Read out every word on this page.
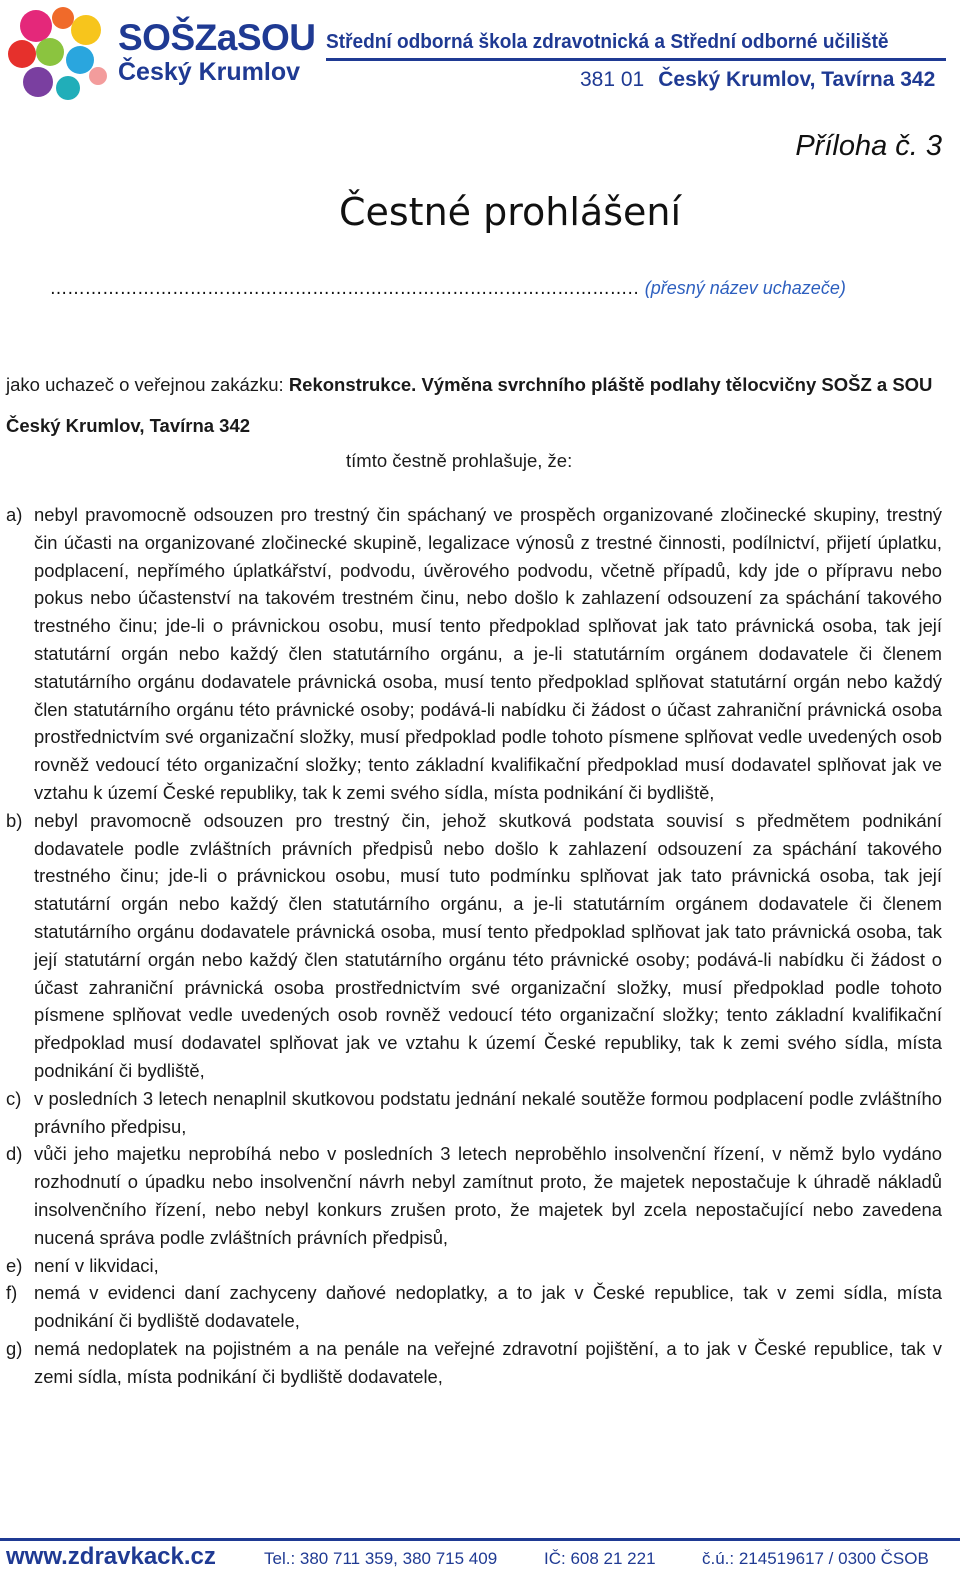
SOŠZaSOU
Český Krumlov
Střední odborná škola zdravotnická a Střední odborné učiliště
381 01 Český Krumlov, Tavírna 342
Příloha č. 3
Čestné prohlášení
……………………………………………………………………………………….. (přesný název uchazeče)
jako uchazeč o veřejnou zakázku: Rekonstrukce. Výměna svrchního pláště podlahy tělocvičny SOŠZ a SOU Český Krumlov, Tavírna 342
tímto čestně prohlašuje, že:
a) nebyl pravomocně odsouzen pro trestný čin spáchaný ve prospěch organizované zločinecké skupiny, trestný čin účasti na organizované zločinecké skupině, legalizace výnosů z trestné činnosti, podílnictví, přijetí úplatku, podplacení, nepřímého úplatkářství, podvodu, úvěrového podvodu, včetně případů, kdy jde o přípravu nebo pokus nebo účastenství na takovém trestném činu, nebo došlo k zahlazení odsouzení za spáchání takového trestného činu; jde-li o právnickou osobu, musí tento předpoklad splňovat jak tato právnická osoba, tak její statutární orgán nebo každý člen statutárního orgánu, a je-li statutárním orgánem dodavatele či členem statutárního orgánu dodavatele právnická osoba, musí tento předpoklad splňovat statutární orgán nebo každý člen statutárního orgánu této právnické osoby; podává-li nabídku či žádost o účast zahraniční právnická osoba prostřednictvím své organizační složky, musí předpoklad podle tohoto písmene splňovat vedle uvedených osob rovněž vedoucí této organizační složky; tento základní kvalifikační předpoklad musí dodavatel splňovat jak ve vztahu k území České republiky, tak k zemi svého sídla, místa podnikání či bydliště,
b) nebyl pravomocně odsouzen pro trestný čin, jehož skutková podstata souvisí s předmětem podnikání dodavatele podle zvláštních právních předpisů nebo došlo k zahlazení odsouzení za spáchání takového trestného činu; jde-li o právnickou osobu, musí tuto podmínku splňovat jak tato právnická osoba, tak její statutární orgán nebo každý člen statutárního orgánu, a je-li statutárním orgánem dodavatele či členem statutárního orgánu dodavatele právnická osoba, musí tento předpoklad splňovat jak tato právnická osoba, tak její statutární orgán nebo každý člen statutárního orgánu této právnické osoby; podává-li nabídku či žádost o účast zahraniční právnická osoba prostřednictvím své organizační složky, musí předpoklad podle tohoto písmene splňovat vedle uvedených osob rovněž vedoucí této organizační složky; tento základní kvalifikační předpoklad musí dodavatel splňovat jak ve vztahu k území České republiky, tak k zemi svého sídla, místa podnikání či bydliště,
c) v posledních 3 letech nenaplnil skutkovou podstatu jednání nekalé soutěže formou podplacení podle zvláštního právního předpisu,
d) vůči jeho majetku neprobíhá nebo v posledních 3 letech neproběhlo insolvenční řízení, v němž bylo vydáno rozhodnutí o úpadku nebo insolvenční návrh nebyl zamítnut proto, že majetek nepostačuje k úhradě nákladů insolvenčního řízení, nebo nebyl konkurs zrušen proto, že majetek byl zcela nepostačující nebo zavedena nucená správa podle zvláštních právních předpisů,
e) není v likvidaci,
f) nemá v evidenci daní zachyceny daňové nedoplatky, a to jak v České republice, tak v zemi sídla, místa podnikání či bydliště dodavatele,
g) nemá nedoplatek na pojistném a na penále na veřejné zdravotní pojištění, a to jak v České republice, tak v zemi sídla, místa podnikání či bydliště dodavatele,
www.zdravkack.cz	Tel.: 380 711 359, 380 715 409	IČ: 608 21 221	č.ú.: 214519617 / 0300 ČSOB
